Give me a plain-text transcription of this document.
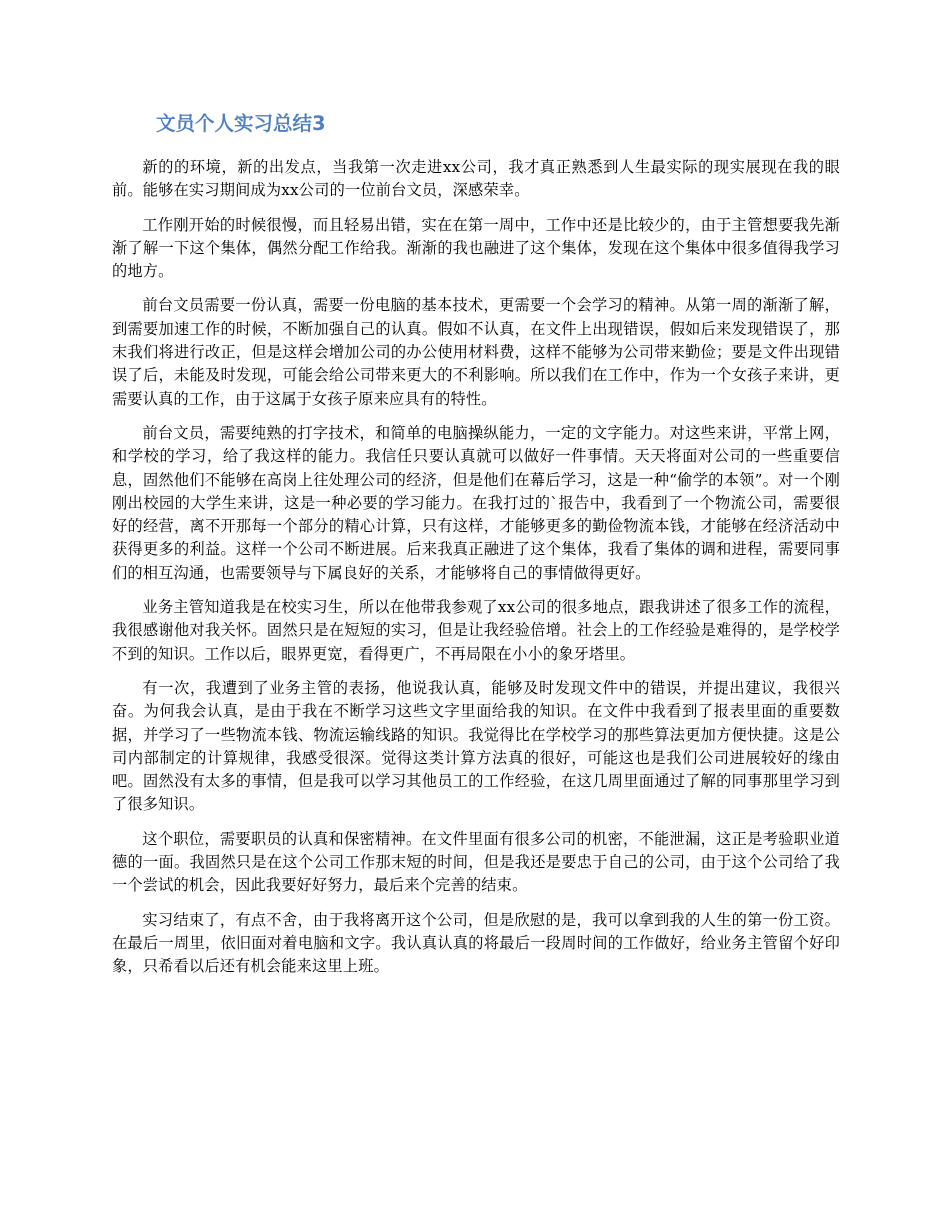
文员个人实习总结3

新的的环境，新的出发点，当我第一次走进xx公司，我才真正熟悉到人生最实际的现实展现在我的眼前。能够在实习期间成为xx公司的一位前台文员，深感荣幸。

工作刚开始的时候很慢，而且轻易出错，实在在第一周中，工作中还是比较少的，由于主管想要我先渐渐了解一下这个集体，偶然分配工作给我。渐渐的我也融进了这个集体，发现在这个集体中很多值得我学习的地方。

前台文员需要一份认真，需要一份电脑的基本技术，更需要一个会学习的精神。从第一周的渐渐了解，到需要加速工作的时候，不断加强自己的认真。假如不认真，在文件上出现错误，假如后来发现错误了，那末我们将进行改正，但是这样会增加公司的办公使用材料费，这样不能够为公司带来勤俭；要是文件出现错误了后，未能及时发现，可能会给公司带来更大的不利影响。所以我们在工作中，作为一个女孩子来讲，更需要认真的工作，由于这属于女孩子原来应具有的特性。

前台文员，需要纯熟的打字技术，和简单的电脑操纵能力，一定的文字能力。对这些来讲，平常上网，和学校的学习，给了我这样的能力。我信任只要认真就可以做好一件事情。天天将面对公司的一些重要信息，固然他们不能够在高岗上往处理公司的经济，但是他们在幕后学习，这是一种“偷学的本领”。对一个刚刚出校园的大学生来讲，这是一种必要的学习能力。在我打过的`报告中，我看到了一个物流公司，需要很好的经营，离不开那每一个部分的精心计算，只有这样，才能够更多的勤俭物流本钱，才能够在经济活动中获得更多的利益。这样一个公司不断进展。后来我真正融进了这个集体，我看了集体的调和进程，需要同事们的相互沟通，也需要领导与下属良好的关系，才能够将自己的事情做得更好。

业务主管知道我是在校实习生，所以在他带我参观了xx公司的很多地点，跟我讲述了很多工作的流程，我很感谢他对我关怀。固然只是在短短的实习，但是让我经验倍增。社会上的工作经验是难得的，是学校学不到的知识。工作以后，眼界更宽，看得更广，不再局限在小小的象牙塔里。

有一次，我遭到了业务主管的表扬，他说我认真，能够及时发现文件中的错误，并提出建议，我很兴奋。为何我会认真，是由于我在不断学习这些文字里面给我的知识。在文件中我看到了报表里面的重要数据，并学习了一些物流本钱、物流运输线路的知识。我觉得比在学校学习的那些算法更加方便快捷。这是公司内部制定的计算规律，我感受很深。觉得这类计算方法真的很好，可能这也是我们公司进展较好的缘由吧。固然没有太多的事情，但是我可以学习其他员工的工作经验，在这几周里面通过了解的同事那里学习到了很多知识。

这个职位，需要职员的认真和保密精神。在文件里面有很多公司的机密，不能泄漏，这正是考验职业道德的一面。我固然只是在这个公司工作那末短的时间，但是我还是要忠于自己的公司，由于这个公司给了我一个尝试的机会，因此我要好好努力，最后来个完善的结束。

实习结束了，有点不舍，由于我将离开这个公司，但是欣慰的是，我可以拿到我的人生的第一份工资。在最后一周里，依旧面对着电脑和文字。我认真认真的将最后一段周时间的工作做好，给业务主管留个好印象，只希看以后还有机会能来这里上班。
